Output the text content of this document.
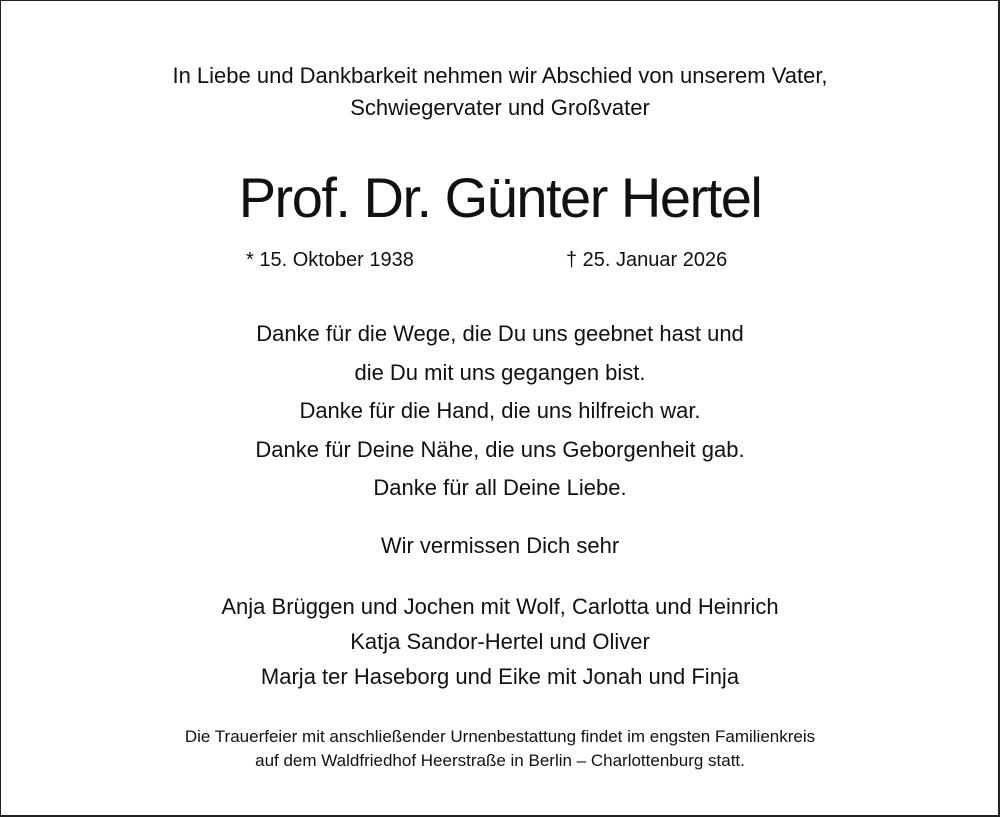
In Liebe und Dankbarkeit nehmen wir Abschied von unserem Vater,
Schwiegervater und Großvater
Prof. Dr. Günter Hertel
* 15. Oktober 1938	† 25. Januar 2026
Danke für die Wege, die Du uns geebnet hast und
die Du mit uns gegangen bist.
Danke für die Hand, die uns hilfreich war.
Danke für Deine Nähe, die uns Geborgenheit gab.
Danke für all Deine Liebe.
Wir vermissen Dich sehr
Anja Brüggen und Jochen mit Wolf, Carlotta und Heinrich
Katja Sandor-Hertel und Oliver
Marja ter Haseborg und Eike mit Jonah und Finja
Die Trauerfeier mit anschließender Urnenbestattung findet im engsten Familienkreis
auf dem Waldfriedhof Heerstraße in Berlin – Charlottenburg statt.
